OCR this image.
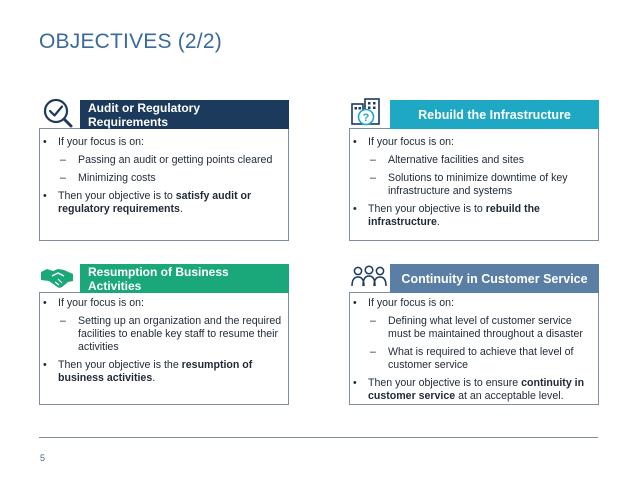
OBJECTIVES (2/2)
Audit or Regulatory Requirements
• If your focus is on:
– Passing an audit or getting points cleared
– Minimizing costs
• Then your objective is to satisfy audit or regulatory requirements.
Rebuild the Infrastructure
?
• If your focus is on:
– Alternative facilities and sites
– Solutions to minimize downtime of key infrastructure and systems
• Then your objective is to rebuild the infrastructure.
Resumption of Business Activities
• If your focus is on:
– Setting up an organization and the required facilities to enable key staff to resume their activities
• Then your objective is the resumption of business activities.
Continuity in Customer Service
• If your focus is on:
– Defining what level of customer service must be maintained throughout a disaster
– What is required to achieve that level of customer service
• Then your objective is to ensure continuity in customer service at an acceptable level.
5
